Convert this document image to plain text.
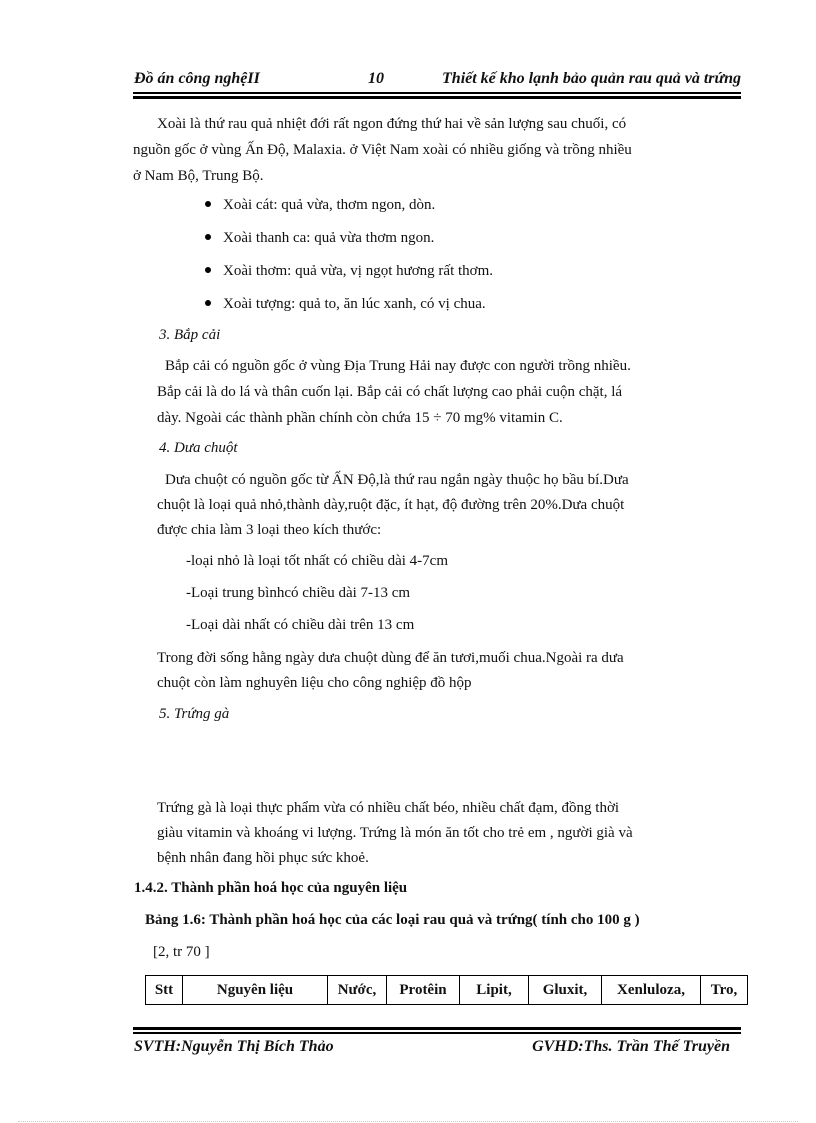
Đồ án công nghệII	10	Thiết kế kho lạnh bảo quản rau quả và trứng
Xoài là thứ rau quả nhiệt đới rất ngon đứng thứ hai về sản lượng sau chuối, có
nguồn gốc ở vùng Ấn Độ, Malaxia. ở Việt Nam xoài có nhiều giống và trồng nhiều
ở Nam Bộ, Trung Bộ.
Xoài cát: quả vừa, thơm ngon, dòn.
Xoài thanh ca: quả vừa thơm ngon.
Xoài thơm: quả vừa, vị ngọt hương rất thơm.
Xoài tượng: quả to, ăn lúc xanh, có vị chua.
3. Bắp cải
Bắp cải có nguồn gốc ở vùng Địa Trung Hải nay được con người trồng nhiều.
Bắp cải là do lá và thân cuốn lại. Bắp cải có chất lượng cao phải cuộn chặt, lá
dày. Ngoài các thành phần chính còn chứa 15 ÷ 70 mg% vitamin C.
4. Dưa chuột
Dưa chuột có nguồn gốc từ ẤN Độ,là thứ rau ngắn ngày thuộc họ bầu bí.Dưa
chuột là loại quả nhỏ,thành dày,ruột đặc, ít hạt, độ đường trên 20%.Dưa chuột
được chia làm 3 loại theo kích thước:
-loại nhỏ là loại tốt nhất có chiều dài 4-7cm
-Loại trung bìnhcó chiều dài 7-13 cm
-Loại dài nhất có chiều dài trên 13 cm
Trong đời sống hằng ngày dưa chuột dùng để ăn tươi,muối chua.Ngoài ra dưa
chuột còn làm nghuyên liệu cho công nghiệp đồ hộp
5. Trứng gà
Trứng gà là loại thực phẩm vừa có nhiều chất béo, nhiều chất đạm, đồng thời
giàu vitamin và khoáng vi lượng. Trứng là món ăn tốt cho trẻ em , người già và
bệnh nhân đang hồi phục sức khoẻ.
1.4.2. Thành phần hoá học của nguyên liệu
Bảng 1.6: Thành phần hoá học của các loại rau quả và trứng( tính cho 100 g )
[2, tr 70 ]
Stt	Nguyên liệu	Nước,	Protêin	Lipit,	Gluxit,	Xenluloza,	Tro,
SVTH:Nguyễn Thị Bích Thảo	GVHD:Ths. Trần Thế Truyền
